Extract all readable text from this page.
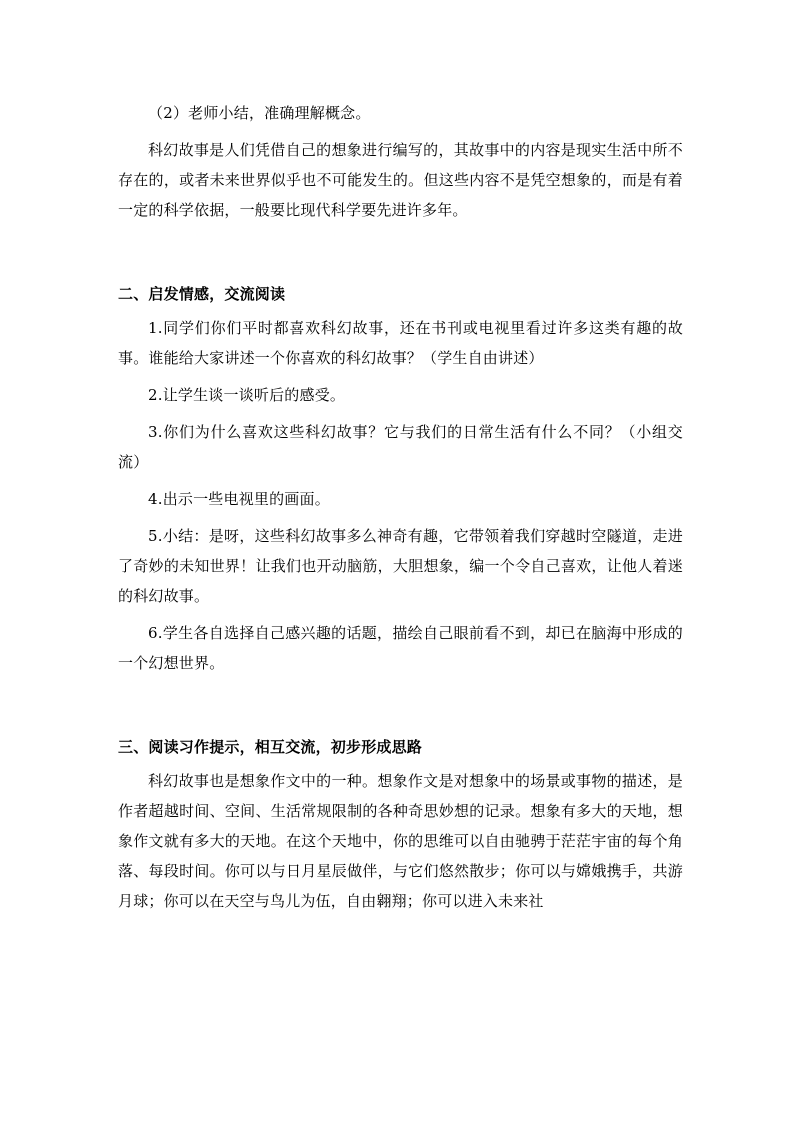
（2）老师小结，准确理解概念。

科幻故事是人们凭借自己的想象进行编写的，其故事中的内容是现实生活中所不存在的，或者未来世界似乎也不可能发生的。但这些内容不是凭空想象的，而是有着一定的科学依据，一般要比现代科学要先进许多年。

二、启发情感，交流阅读

1.同学们你们平时都喜欢科幻故事，还在书刊或电视里看过许多这类有趣的故事。谁能给大家讲述一个你喜欢的科幻故事？（学生自由讲述）

2.让学生谈一谈听后的感受。

3.你们为什么喜欢这些科幻故事？它与我们的日常生活有什么不同？（小组交流）

4.出示一些电视里的画面。

5.小结：是呀，这些科幻故事多么神奇有趣，它带领着我们穿越时空隧道，走进了奇妙的未知世界！让我们也开动脑筋，大胆想象，编一个令自己喜欢，让他人着迷的科幻故事。

6.学生各自选择自己感兴趣的话题，描绘自己眼前看不到，却已在脑海中形成的一个幻想世界。

三、阅读习作提示，相互交流，初步形成思路

科幻故事也是想象作文中的一种。想象作文是对想象中的场景或事物的描述，是作者超越时间、空间、生活常规限制的各种奇思妙想的记录。想象有多大的天地，想象作文就有多大的天地。在这个天地中，你的思维可以自由驰骋于茫茫宇宙的每个角落、每段时间。你可以与日月星辰做伴，与它们悠然散步；你可以与嫦娥携手，共游月球；你可以在天空与鸟儿为伍，自由翱翔；你可以进入未来社
